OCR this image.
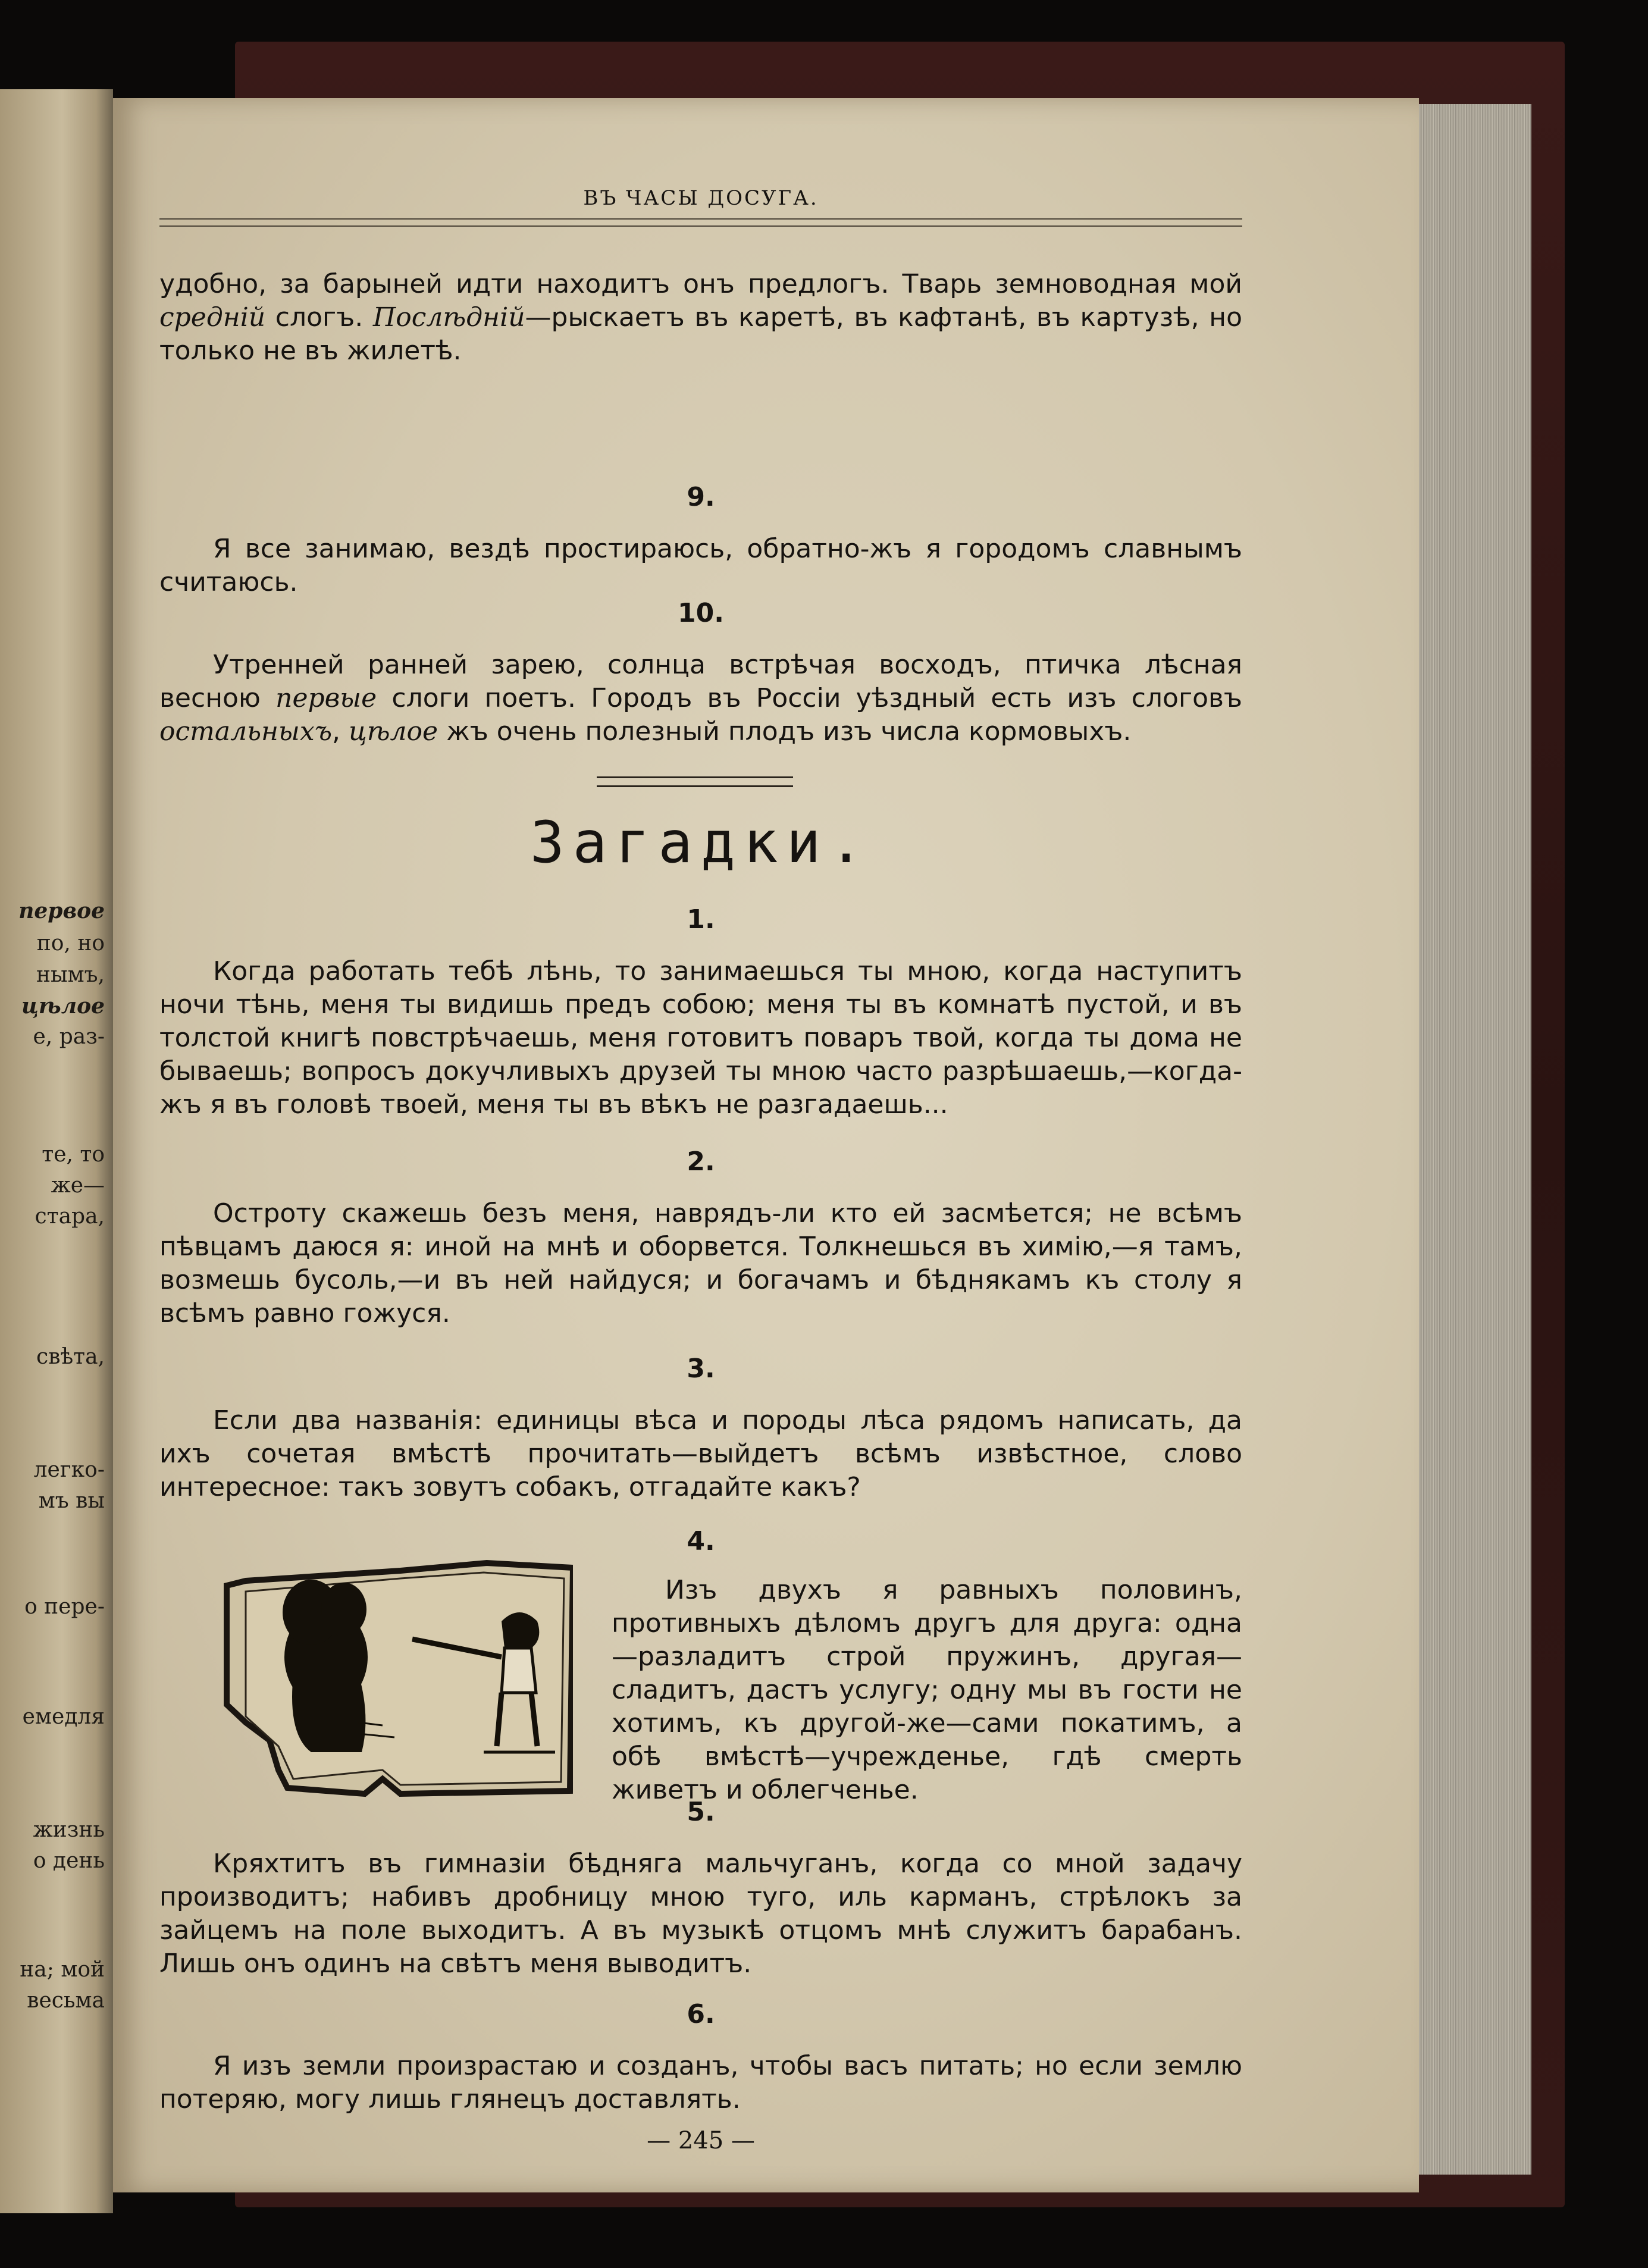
первое
по, но
нымъ,
цѣлое
е, раз-
те, то
же—
стара,
свѣта,
легко-
мъ вы
о пере-
емедля
жизнь
о день
на; мой
весьма
ВЪ ЧАСЫ ДОСУГА.
удобно, за барыней идти находитъ онъ предлогъ. Тварь земноводная мой средній слогъ. Послѣдній—рыскаетъ въ каретѣ, въ кафтанѣ, въ картузѣ, но только не въ жилетѣ.
9.
Я все занимаю, вездѣ простираюсь, обратно-жъ я городомъ славнымъ считаюсь.
10.
Утренней ранней зарею, солнца встрѣчая восходъ, птичка лѣсная весною первые слоги поетъ. Городъ въ Россіи уѣздный есть изъ слоговъ остальныхъ, цѣлое жъ очень полезный плодъ изъ числа кормовыхъ.
Загадки.
1.
Когда работать тебѣ лѣнь, то занимаешься ты мною, когда наступитъ ночи тѣнь, меня ты видишь предъ собою; меня ты въ комнатѣ пустой, и въ толстой книгѣ повстрѣчаешь, меня готовитъ поваръ твой, когда ты дома не бываешь; вопросъ докучливыхъ друзей ты мною часто разрѣшаешь,—когда-жъ я въ головѣ твоей, меня ты въ вѣкъ не разгадаешь...
2.
Остроту скажешь безъ меня, наврядъ-ли кто ей засмѣется; не всѣмъ пѣвцамъ даюся я: иной на мнѣ и оборвется. Толкнешься въ химію,—я тамъ, возмешь бусоль,—и въ ней найдуся; и богачамъ и бѣднякамъ къ столу я всѣмъ равно гожуся.
3.
Если два названія: единицы вѣса и породы лѣса рядомъ написать, да ихъ сочетая вмѣстѣ прочитать—выйдетъ всѣмъ извѣстное, слово интересное: такъ зовутъ собакъ, отгадайте какъ?
4.
Изъ двухъ я равныхъ половинъ, противныхъ дѣломъ другъ для друга: одна—разладитъ строй пружинъ, другая—сладитъ, дастъ услугу; одну мы въ гости не хотимъ, къ другой-же—сами покатимъ, а обѣ вмѣстѣ—учрежденье, гдѣ смерть живетъ и облегченье.
5.
Кряхтитъ въ гимназіи бѣдняга мальчуганъ, когда со мной задачу производитъ; набивъ дробницу мною туго, иль карманъ, стрѣлокъ за зайцемъ на поле выходитъ. А въ музыкѣ отцомъ мнѣ служитъ барабанъ. Лишь онъ одинъ на свѣтъ меня выводитъ.
6.
Я изъ земли произрастаю и созданъ, чтобы васъ питать; но если землю потеряю, могу лишь глянецъ доставлять.
— 245 —
